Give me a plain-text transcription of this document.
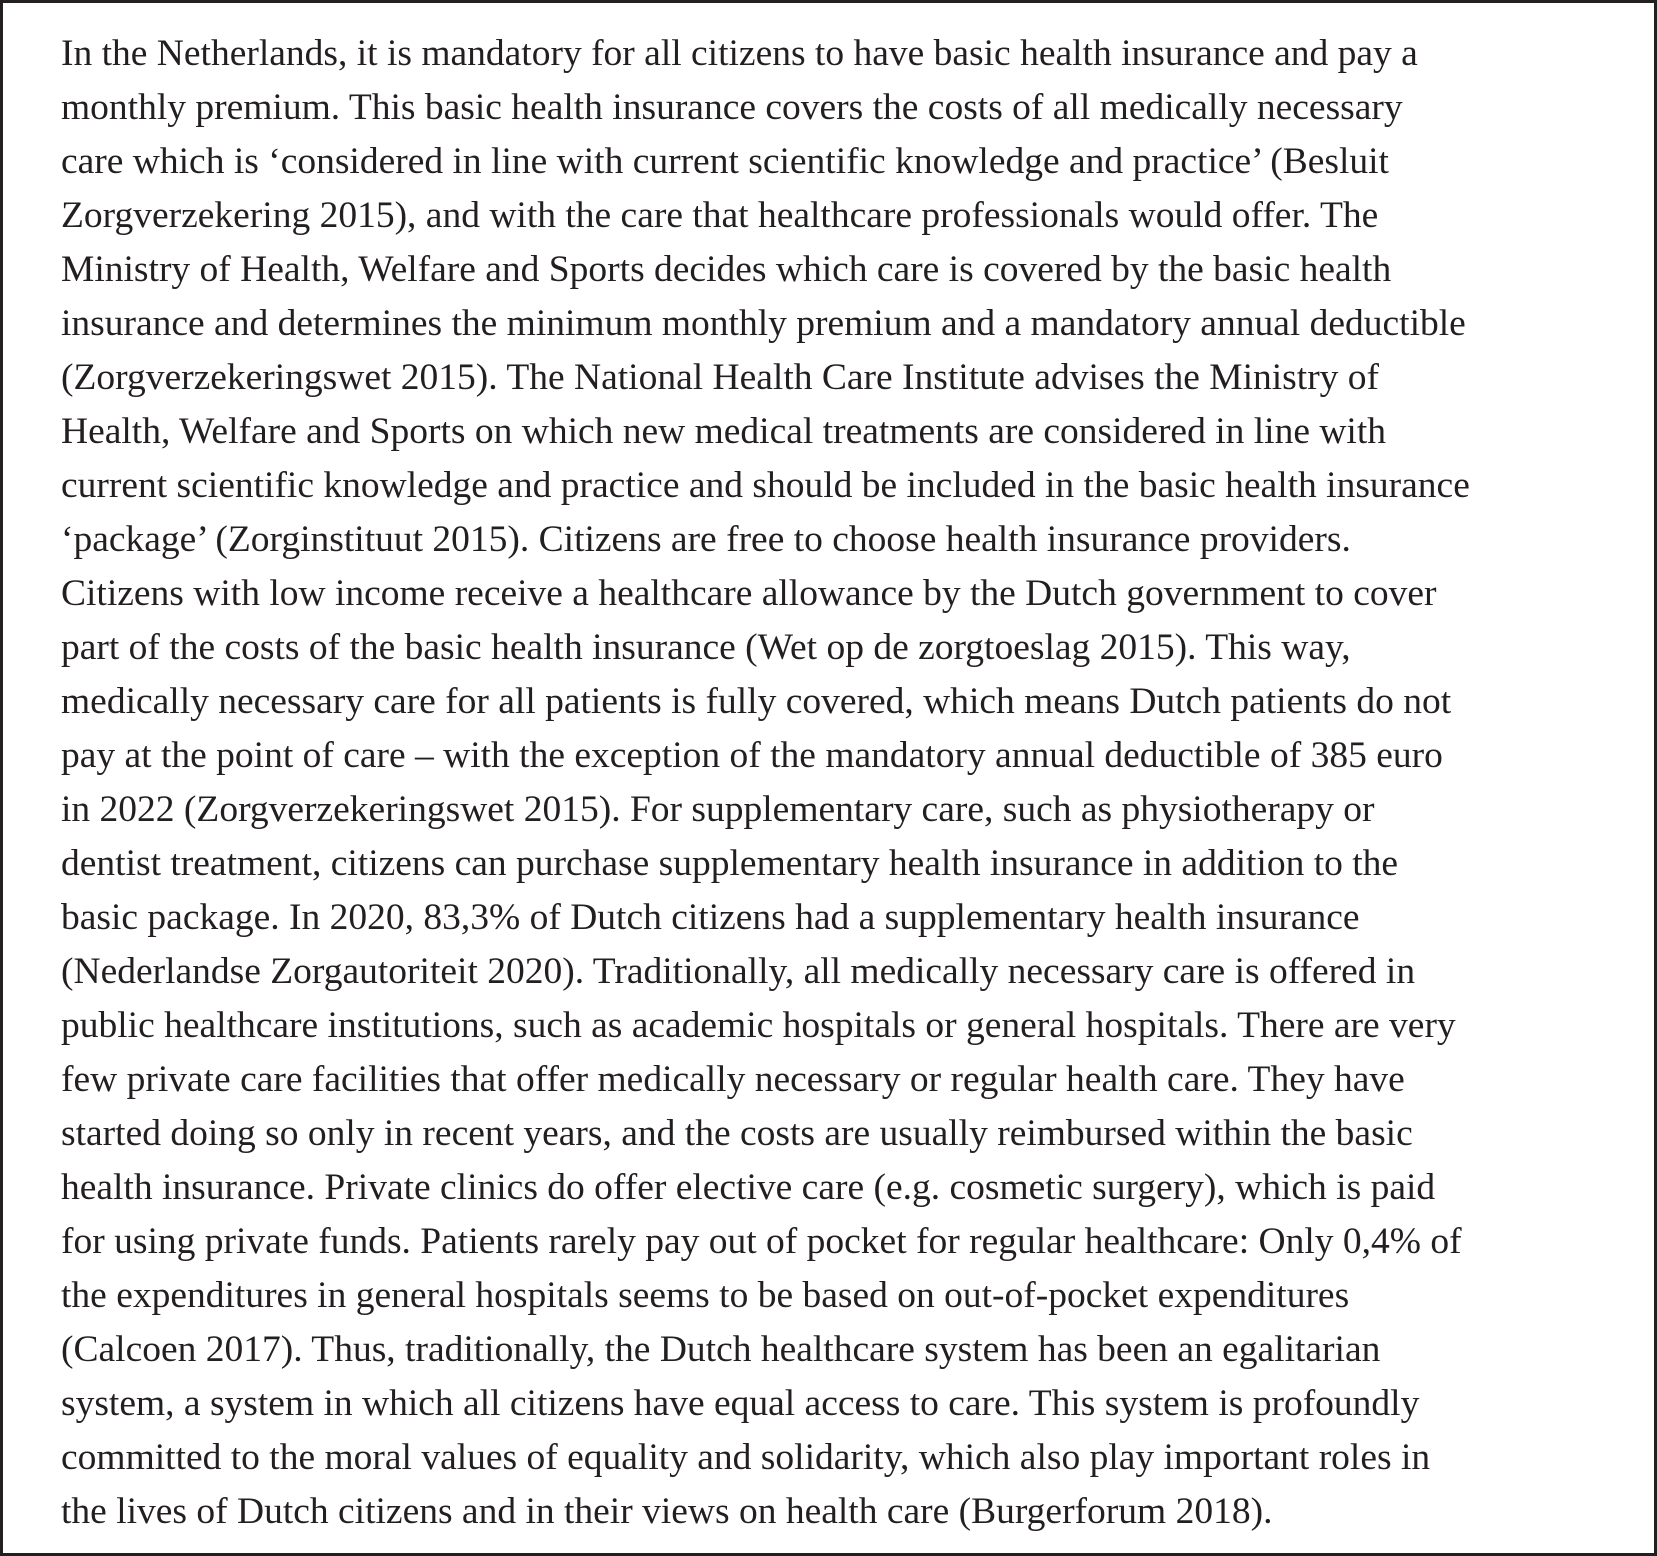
In the Netherlands, it is mandatory for all citizens to have basic health insurance and pay a
monthly premium. This basic health insurance covers the costs of all medically necessary
care which is ‘considered in line with current scientific knowledge and practice’ (Besluit
Zorgverzekering 2015), and with the care that healthcare professionals would offer. The
Ministry of Health, Welfare and Sports decides which care is covered by the basic health
insurance and determines the minimum monthly premium and a mandatory annual deductible
(Zorgverzekeringswet 2015). The National Health Care Institute advises the Ministry of
Health, Welfare and Sports on which new medical treatments are considered in line with
current scientific knowledge and practice and should be included in the basic health insurance
‘package’ (Zorginstituut 2015). Citizens are free to choose health insurance providers.
Citizens with low income receive a healthcare allowance by the Dutch government to cover
part of the costs of the basic health insurance (Wet op de zorgtoeslag 2015). This way,
medically necessary care for all patients is fully covered, which means Dutch patients do not
pay at the point of care – with the exception of the mandatory annual deductible of 385 euro
in 2022 (Zorgverzekeringswet 2015). For supplementary care, such as physiotherapy or
dentist treatment, citizens can purchase supplementary health insurance in addition to the
basic package. In 2020, 83,3% of Dutch citizens had a supplementary health insurance
(Nederlandse Zorgautoriteit 2020). Traditionally, all medically necessary care is offered in
public healthcare institutions, such as academic hospitals or general hospitals. There are very
few private care facilities that offer medically necessary or regular health care. They have
started doing so only in recent years, and the costs are usually reimbursed within the basic
health insurance. Private clinics do offer elective care (e.g. cosmetic surgery), which is paid
for using private funds. Patients rarely pay out of pocket for regular healthcare: Only 0,4% of
the expenditures in general hospitals seems to be based on out-of-pocket expenditures
(Calcoen 2017). Thus, traditionally, the Dutch healthcare system has been an egalitarian
system, a system in which all citizens have equal access to care. This system is profoundly
committed to the moral values of equality and solidarity, which also play important roles in
the lives of Dutch citizens and in their views on health care (Burgerforum 2018).
